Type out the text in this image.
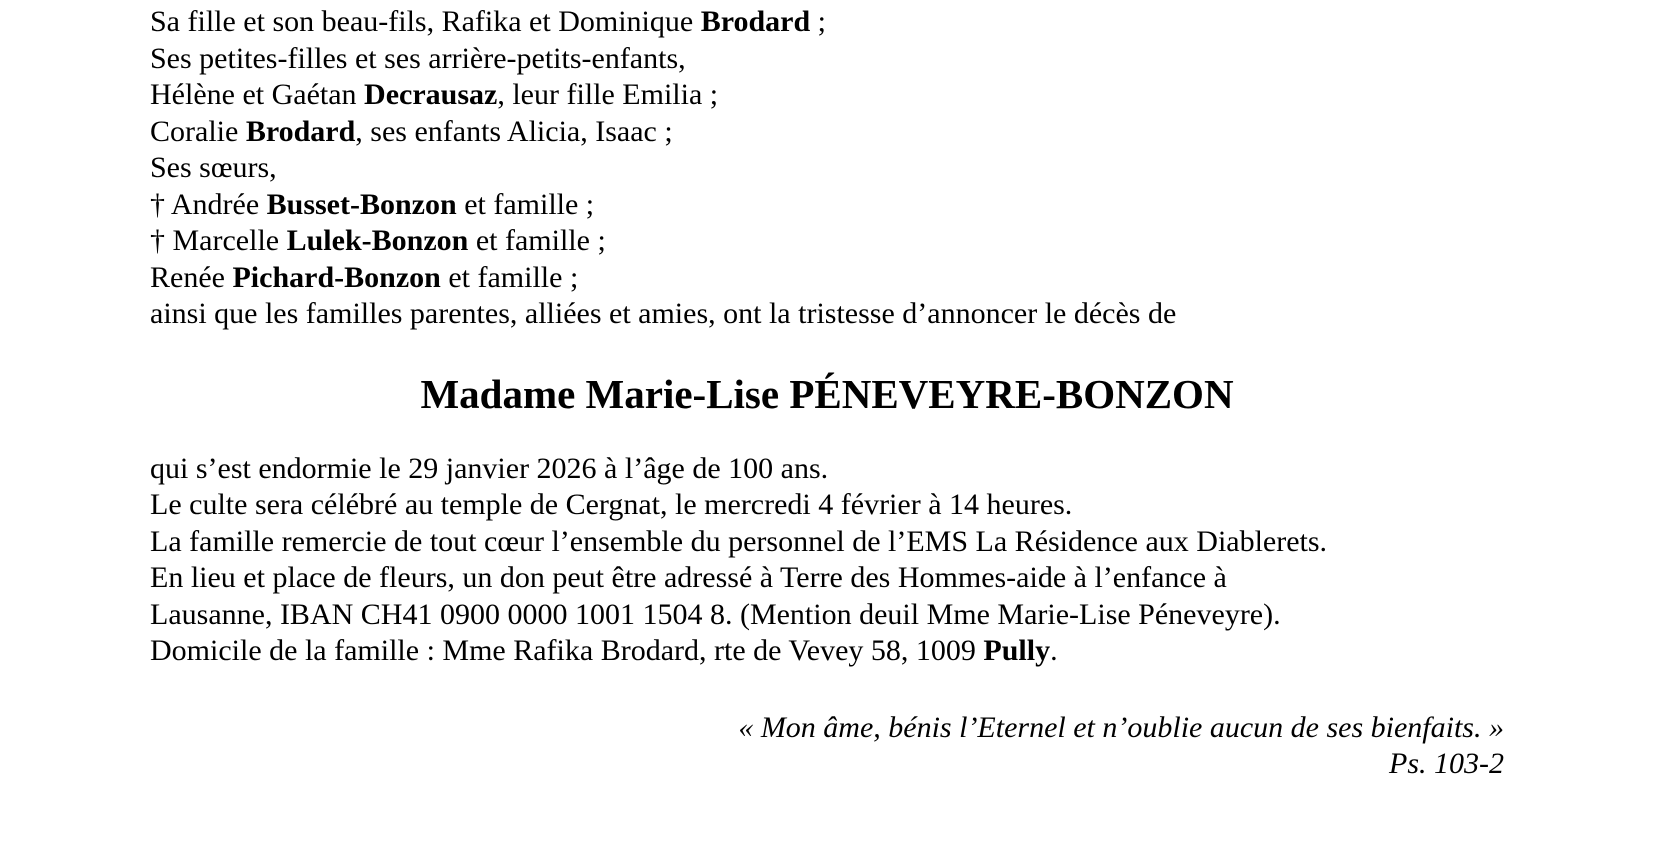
Sa fille et son beau-fils, Rafika et Dominique Brodard ;
Ses petites-filles et ses arrière-petits-enfants,
Hélène et Gaétan Decrausaz, leur fille Emilia ;
Coralie Brodard, ses enfants Alicia, Isaac ;
Ses sœurs,
† Andrée Busset-Bonzon et famille ;
† Marcelle Lulek-Bonzon et famille ;
Renée Pichard-Bonzon et famille ;
ainsi que les familles parentes, alliées et amies, ont la tristesse d’annoncer le décès de
Madame Marie-Lise PÉNEVEYRE-BONZON
qui s’est endormie le 29 janvier 2026 à l’âge de 100 ans.
Le culte sera célébré au temple de Cergnat, le mercredi 4 février à 14 heures.
La famille remercie de tout cœur l’ensemble du personnel de l’EMS La Résidence aux Diablerets.
En lieu et place de fleurs, un don peut être adressé à Terre des Hommes-aide à l’enfance à
Lausanne, IBAN CH41 0900 0000 1001 1504 8. (Mention deuil Mme Marie-Lise Péneveyre).
Domicile de la famille : Mme Rafika Brodard, rte de Vevey 58, 1009 Pully.
« Mon âme, bénis l’Eternel et n’oublie aucun de ses bienfaits. »
Ps. 103-2
